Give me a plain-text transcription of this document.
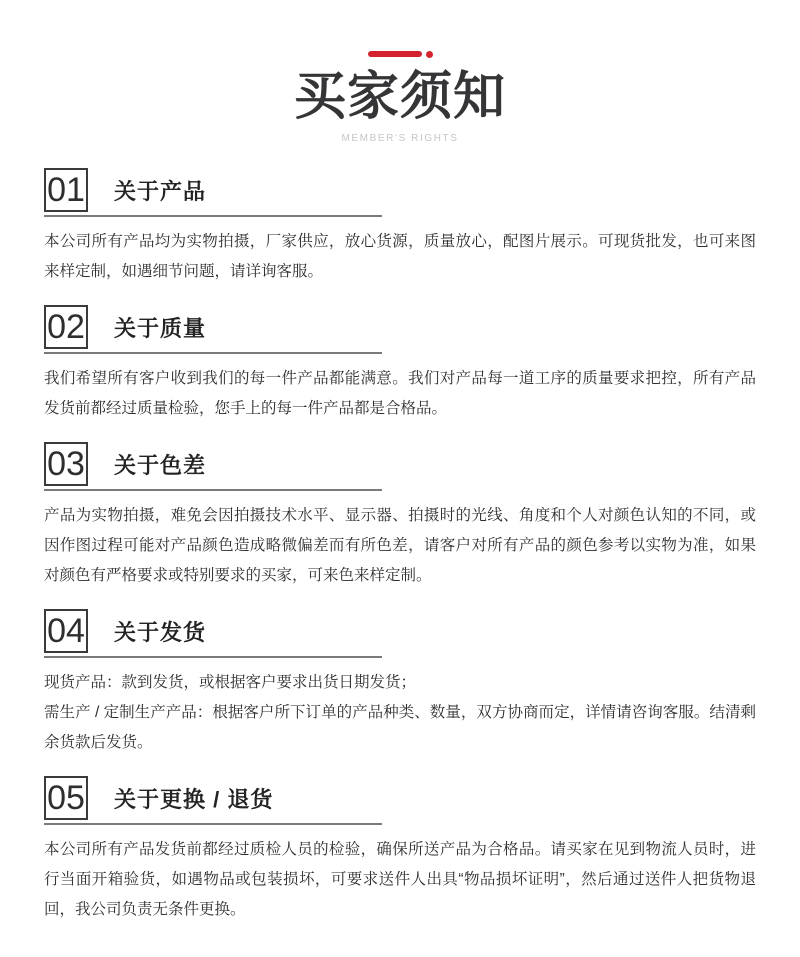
买家须知
MEMBER'S RIGHTS
01 关于产品

本公司所有产品均为实物拍摄，厂家供应，放心货源，质量放心，配图片展示。可现货批发，也可来图来样定制，如遇细节问题，请详询客服。

02 关于质量

我们希望所有客户收到我们的每一件产品都能满意。我们对产品每一道工序的质量要求把控，所有产品发货前都经过质量检验，您手上的每一件产品都是合格品。

03 关于色差

产品为实物拍摄，难免会因拍摄技术水平、显示器、拍摄时的光线、角度和个人对颜色认知的不同，或因作图过程可能对产品颜色造成略微偏差而有所色差，请客户对所有产品的颜色参考以实物为准，如果对颜色有严格要求或特别要求的买家，可来色来样定制。

04 关于发货

现货产品：款到发货，或根据客户要求出货日期发货；

需生产 / 定制生产产品：根据客户所下订单的产品种类、数量，双方协商而定，详情请咨询客服。结清剩余货款后发货。

05 关于更换 / 退货

本公司所有产品发货前都经过质检人员的检验，确保所送产品为合格品。请买家在见到物流人员时，进行当面开箱验货，如遇物品或包装损坏，可要求送件人出具“物品损坏证明”，然后通过送件人把货物退回，我公司负责无条件更换。
